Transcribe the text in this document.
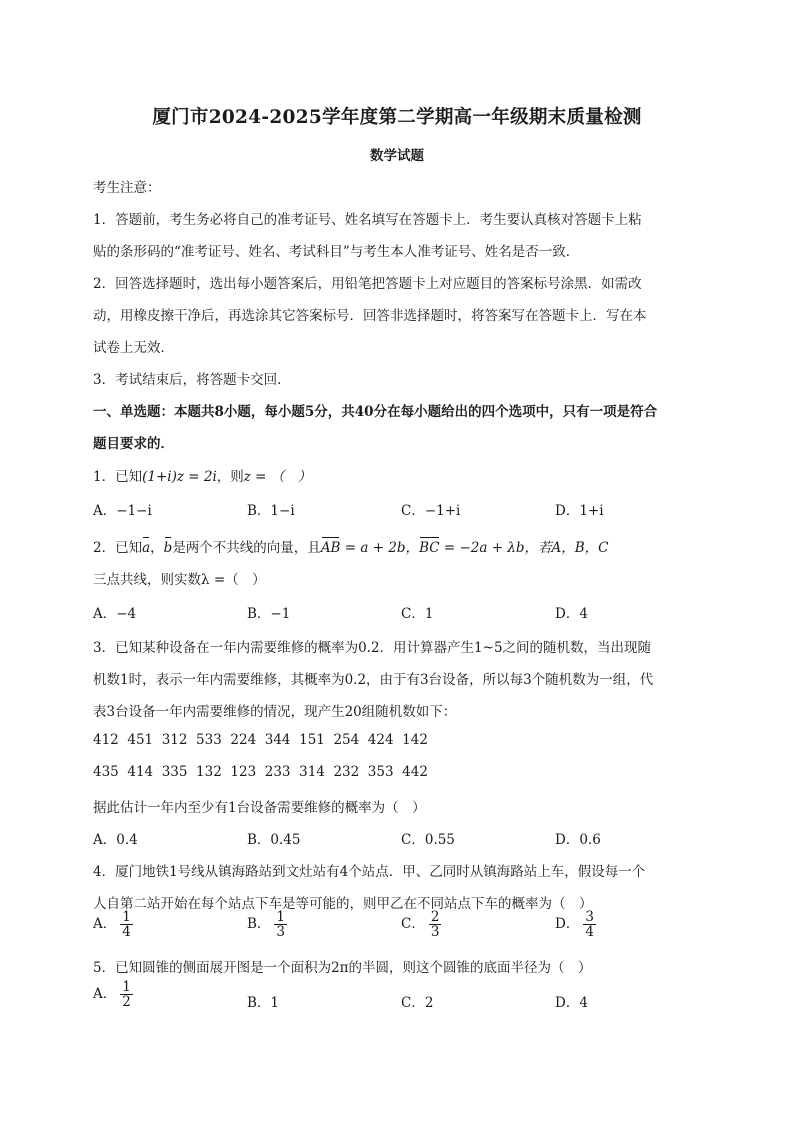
厦门市2024-2025学年度第二学期高一年级期末质量检测
数学试题
考生注意：
1．答题前，考生务必将自己的准考证号、姓名填写在答题卡上．考生要认真核对答题卡上粘
贴的条形码的“准考证号、姓名、考试科目”与考生本人准考证号、姓名是否一致．
2．回答选择题时，选出每小题答案后，用铅笔把答题卡上对应题目的答案标号涂黑．如需改
动，用橡皮擦干净后，再选涂其它答案标号．回答非选择题时，将答案写在答题卡上．写在本
试卷上无效．
3．考试结束后，将答题卡交回．
一、单选题：本题共8小题，每小题5分，共40分在每小题给出的四个选项中，只有一项是符合
题目要求的．
1．已知(1+i)z = 2i，则z = （　）
A．−1−i	B．1−i	C．−1+i	D．1+i
2．已知a，b是两个不共线的向量，且AB = a + 2b，BC = −2a + λb，若A，B，C
三点共线，则实数λ =（　）
A．−4	B．−1	C．1	D．4
3．已知某种设备在一年内需要维修的概率为0.2．用计算器产生1~5之间的随机数，当出现随
机数1时，表示一年内需要维修，其概率为0.2，由于有3台设备，所以每3个随机数为一组，代
表3台设备一年内需要维修的情况，现产生20组随机数如下：
412  451  312  533  224  344  151  254  424  142
435  414  335  132  123  233  314  232  353  442
据此估计一年内至少有1台设备需要维修的概率为（　）
A．0.4	B．0.45	C．0.55	D．0.6
4．厦门地铁1号线从镇海路站到文灶站有4个站点．甲、乙同时从镇海路站上车，假设每一个
人自第二站开始在每个站点下车是等可能的，则甲乙在不同站点下车的概率为（　）
A． $\frac{1}{4}$	B． $\frac{1}{3}$	C． $\frac{2}{3}$	D． $\frac{3}{4}$
5．已知圆锥的侧面展开图是一个面积为2π的半圆，则这个圆锥的底面半径为（　）
A． $\frac{1}{2}$	B．1	C．2	D．4
